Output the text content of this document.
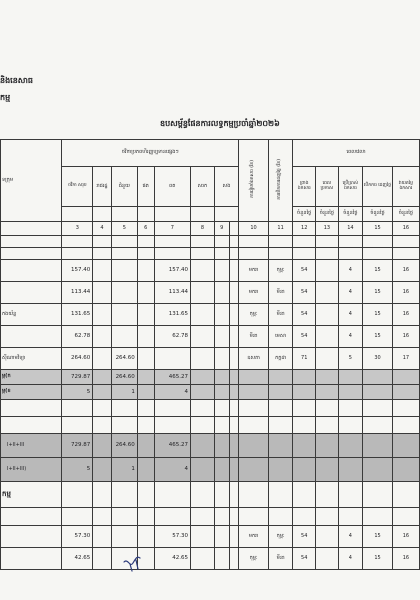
និងនេសាធ
កម្ម
ឧបសម្ព័ន្ធផែនការលទ្ធកម្មប្រចាំឆ្នាំ២០២៦
ទក្រុម	ថវិកាប្រភពហិរញ្ញប្បទានផ្សេងៗ								ការរៀបចំឯកសារ (ខែ)	ការបើកការដេញថ្លៃ (ខែ)	ពេលវេលា				
	ថវិកា សរុប	រាជរដ្ឋ	ជំនួយ	ផត	ពត	សរក	សង				ព្រាង ឯកសារ	ពេល ប្រកាស	ប្រើប្រាស់ ឯកសារ	បើកការ ដេញថ្លៃ	វាយតម្លៃ ឯកសារ
											ចំនួនថ្ងៃ	ចំនួនថ្ងៃ	ចំនួនថ្ងៃ	ចំនួនថ្ងៃ	ចំនួនថ្ងៃ
	3	4	5	6	7	8	9		10	11	12	13	14	15	16

	157.40				157.40				មករា	កុម្ភៈ	54		4	15	16
	113.44				113.44				មករា	មីនា	54		4	15	16
កងយ័ន្ត	131.65				131.65				កុម្ភៈ	មីនា	54		4	15	16
	62.78				62.78				មីនា	មេសា	54		4	15	16
ស៊ីណាមវិទ្យា	264.60		264.60						ឧសភា	កក្កដា	71		5	30	17
ម្ភ(ក	729.87		264.60		465.27										
ម្ភ(ខ	5		1		4										

I+II+III	729.87		264.60		465.27										
I+II+III)	5		1		4										
កម្ម															

	57.30				57.30				មករា	កុម្ភៈ	54		4	15	16
	42.65				42.65				កុម្ភៈ	មីនា	54		4	15	16
